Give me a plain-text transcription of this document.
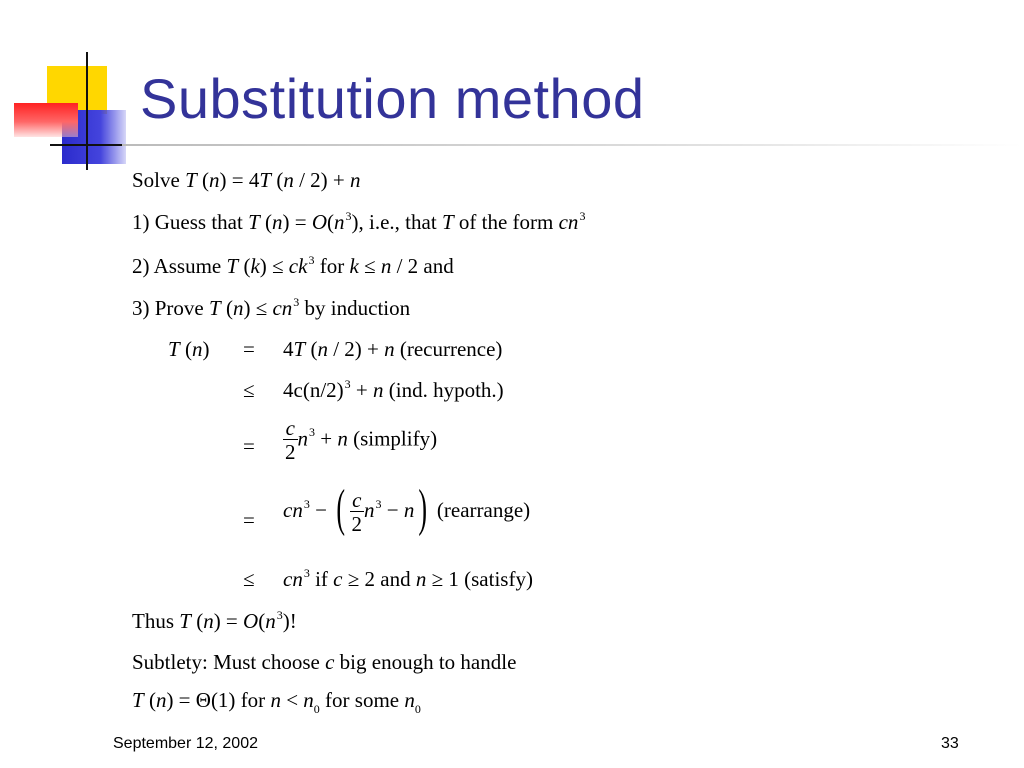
Substitution method
Solve T (n) = 4T (n / 2) + n
1) Guess that T $(n) = O(n^3)$, i.e., that T of the form $cn^3$
2) Assume T $(k) \le ck^3$ for k ≤ n / 2 and
3) Prove T $(n) \le cn^3$ by induction
T (n) = 4T (n / 2) + n (recurrence)
≤ $4c(n/2)^3 + n$ (ind. hypoth.)
= $\frac{c}{2} n^3 + n$ (simplify)
= $cn^3$ − ( $\frac{c}{2} n^3 - n$) (rearrange)
≤ $cn^3$ if c ≥ 2 and n ≥ 1 (satisfy)
Thus T $(n) = O(n^3)$!
Subtlety: Must choose c big enough to handle
T (n) = Θ(1) for $n < n_0$ for some $n_0$
September 12, 2002	33
